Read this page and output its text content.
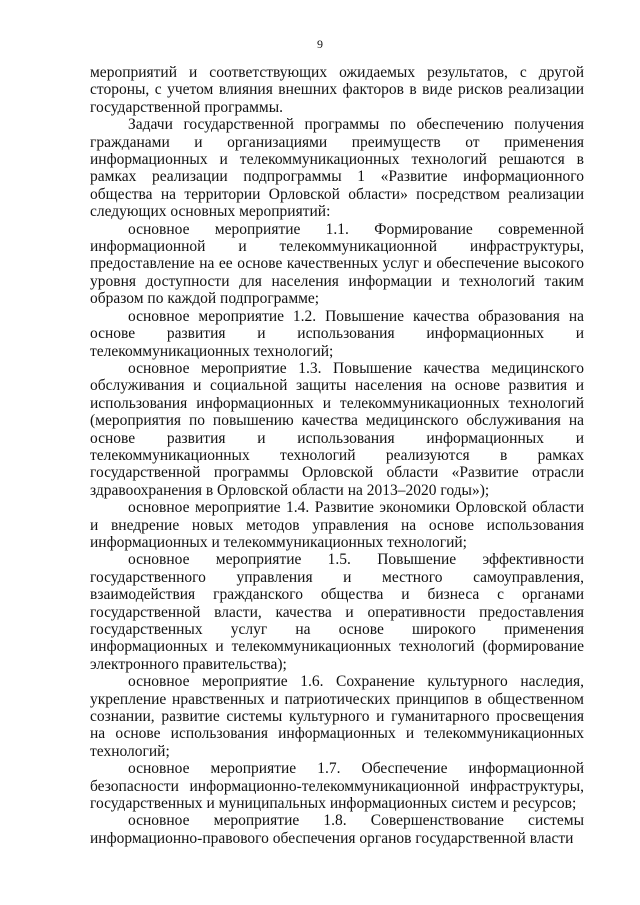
9

мероприятий и соответствующих ожидаемых результатов, с другой стороны, с учетом влияния внешних факторов в виде рисков реализации государственной программы.

Задачи государственной программы по обеспечению получения гражданами и организациями преимуществ от применения информационных и телекоммуникационных технологий решаются в рамках реализации подпрограммы 1 «Развитие информационного общества на территории Орловской области» посредством реализации следующих основных мероприятий:

основное мероприятие 1.1. Формирование современной информационной и телекоммуникационной инфраструктуры, предоставление на ее основе качественных услуг и обеспечение высокого уровня доступности для населения информации и технологий таким образом по каждой подпрограмме;

основное мероприятие 1.2. Повышение качества образования на основе развития и использования информационных и телекоммуникационных технологий;

основное мероприятие 1.3. Повышение качества медицинского обслуживания и социальной защиты населения на основе развития и использования информационных и телекоммуникационных технологий (мероприятия по повышению качества медицинского обслуживания на основе развития и использования информационных и телекоммуникационных технологий реализуются в рамках государственной программы Орловской области «Развитие отрасли здравоохранения в Орловской области на 2013–2020 годы»);

основное мероприятие 1.4. Развитие экономики Орловской области и внедрение новых методов управления на основе использования информационных и телекоммуникационных технологий;

основное мероприятие 1.5. Повышение эффективности государственного управления и местного самоуправления, взаимодействия гражданского общества и бизнеса с органами государственной власти, качества и оперативности предоставления государственных услуг на основе широкого применения информационных и телекоммуникационных технологий (формирование электронного правительства);

основное мероприятие 1.6. Сохранение культурного наследия, укрепление нравственных и патриотических принципов в общественном сознании, развитие системы культурного и гуманитарного просвещения на основе использования информационных и телекоммуникационных технологий;

основное мероприятие 1.7. Обеспечение информационной безопасности информационно-телекоммуникационной инфраструктуры, государственных и муниципальных информационных систем и ресурсов;

основное мероприятие 1.8. Совершенствование системы информационно-правового обеспечения органов государственной власти
